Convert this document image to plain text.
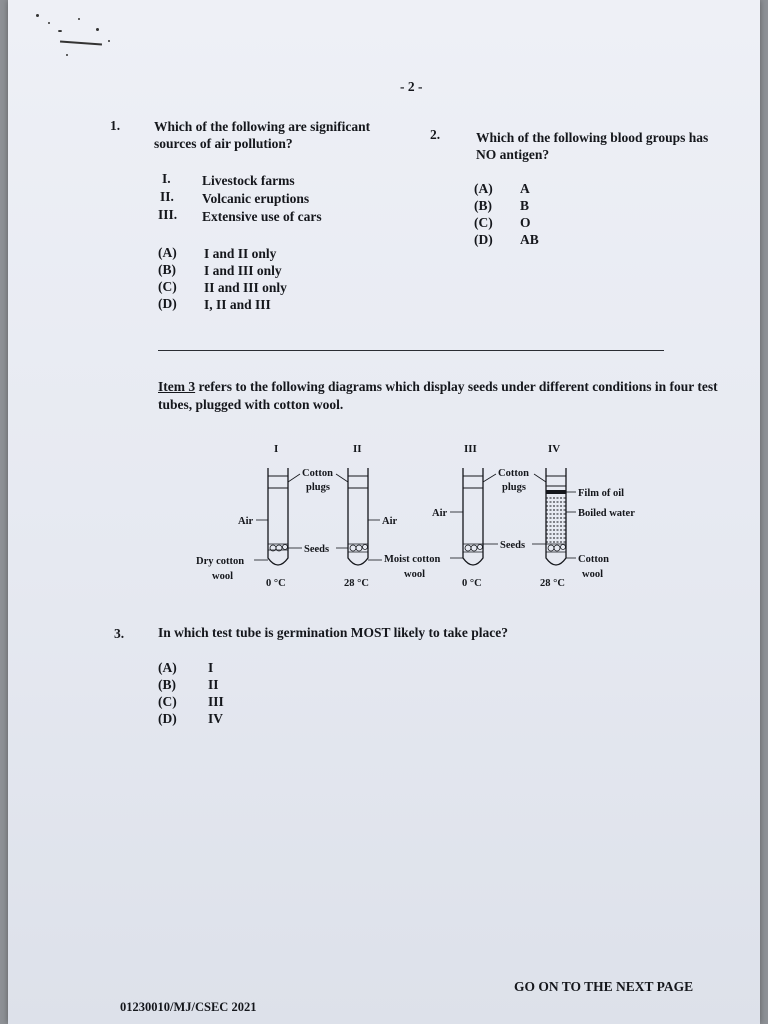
- 2 -
1.	Which of the following are significant
sources of air pollution?
I. Livestock farms
II. Volcanic eruptions
III. Extensive use of cars
(A) I and II only
(B) I and III only
(C) II and III only
(D) I, II and III
2.	Which of the following blood groups has
NO antigen?
(A) A
(B) B
(C) O
(D) AB
Item 3 refers to the following diagrams which display seeds under different conditions in four test
tubes, plugged with cotton wool.
I	II	III	IV
Cotton
plugs
Cotton
plugs
Air	Air
Air
Seeds	Seeds
Dry cotton
wool
Moist cotton
wool
Film of oil
Boiled water
Cotton
wool
0 °C	28 °C	0 °C	28 °C
3.	In which test tube is germination MOST likely to take place?
(A) I
(B) II
(C) III
(D) IV
GO ON TO THE NEXT PAGE
01230010/MJ/CSEC 2021
